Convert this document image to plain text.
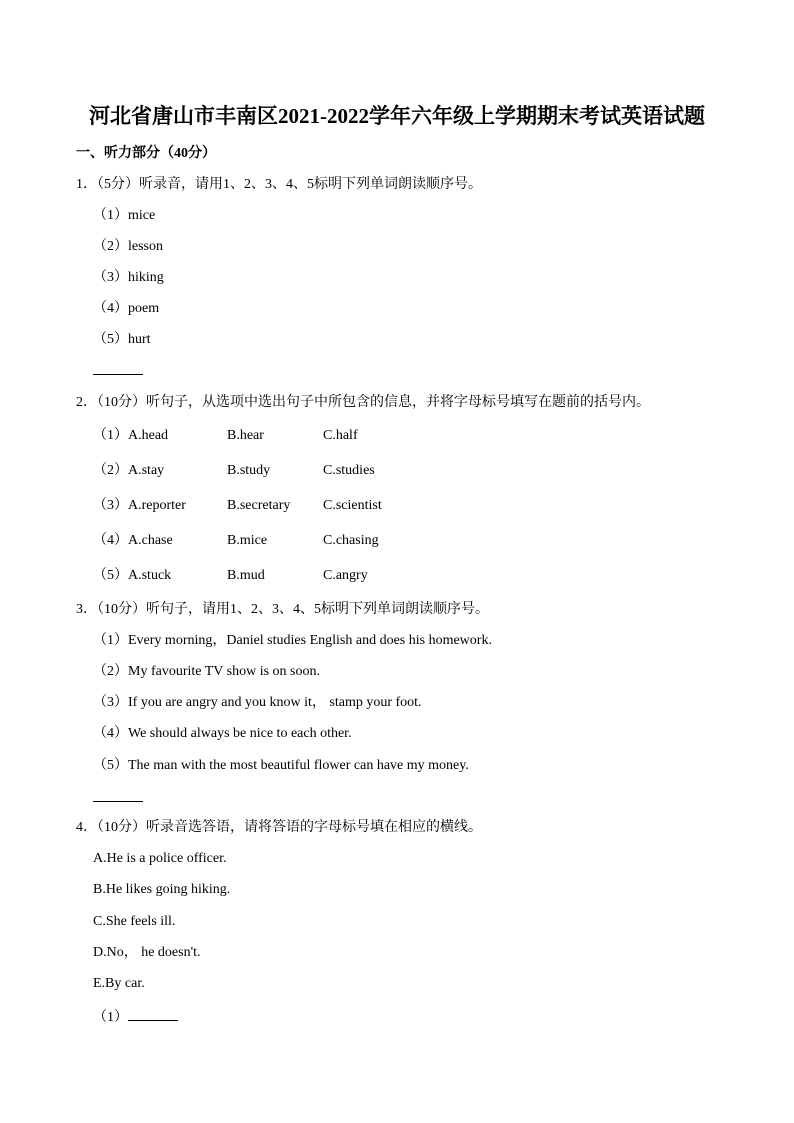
河北省唐山市丰南区2021-2022学年六年级上学期期末考试英语试题
一、听力部分（40分）
1．（5分）听录音，请用1、2、3、4、5标明下列单词朗读顺序号。
（1）mice
（2）lesson
（3）hiking
（4）poem
（5）hurt
2．（10分）听句子，从选项中选出句子中所包含的信息，并将字母标号填写在题前的括号内。
（1）A.head	B.hear	C.half
（2）A.stay	B.study	C.studies
（3）A.reporter	B.secretary C.scientist
（4）A.chase	B.mice	C.chasing
（5）A.stuck	B.mud	C.angry
3．（10分）听句子，请用1、2、3、4、5标明下列单词朗读顺序号。
（1）Every morning，Daniel studies English and does his homework.
（2）My favourite TV show is on soon.
（3）If you are angry and you know it， stamp your foot.
（4）We should always be nice to each other.
（5）The man with the most beautiful flower can have my money.
4．（10分）听录音选答语，请将答语的字母标号填在相应的横线。
A.He is a police officer.
B.He likes going hiking.
C.She feels ill.
D.No， he doesn't.
E.By car.
（1）
